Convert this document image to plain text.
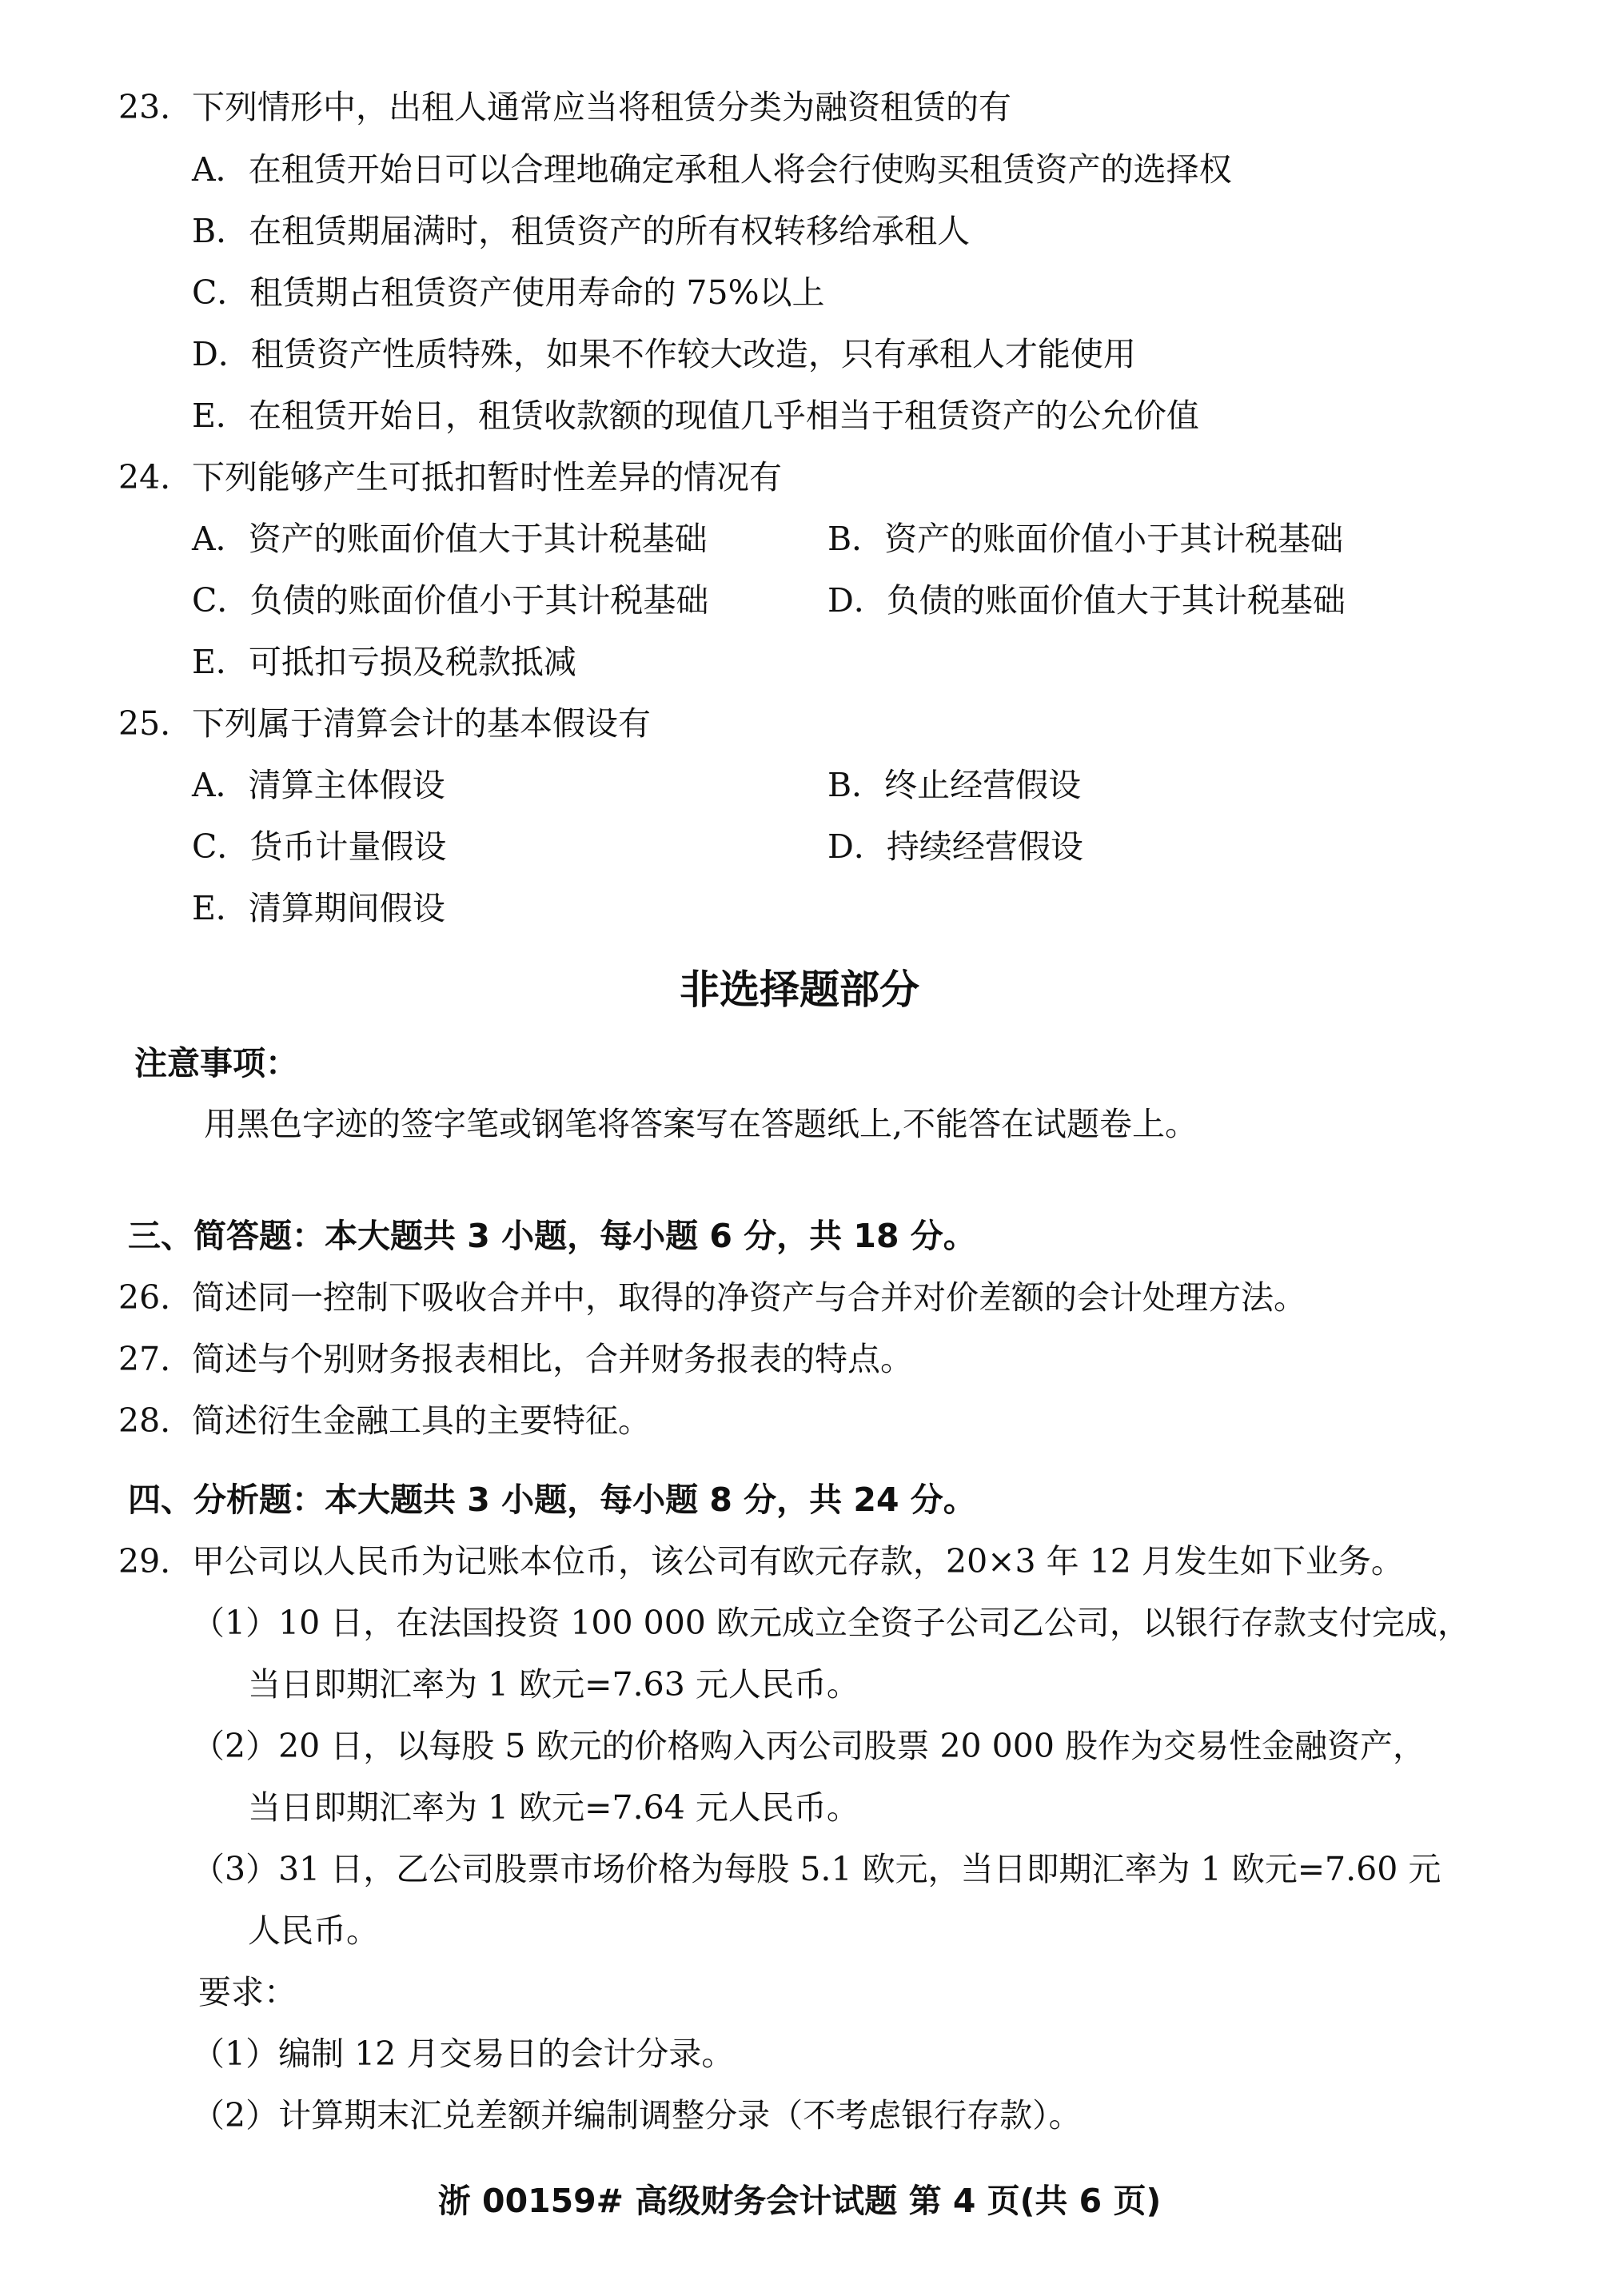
23. 下列情形中，出租人通常应当将租赁分类为融资租赁的有
A．在租赁开始日可以合理地确定承租人将会行使购买租赁资产的选择权
B．在租赁期届满时，租赁资产的所有权转移给承租人
C．租赁期占租赁资产使用寿命的 75%以上
D．租赁资产性质特殊，如果不作较大改造，只有承租人才能使用
E．在租赁开始日，租赁收款额的现值几乎相当于租赁资产的公允价值
24. 下列能够产生可抵扣暂时性差异的情况有
A．资产的账面价值大于其计税基础	B．资产的账面价值小于其计税基础
C．负债的账面价值小于其计税基础	D．负债的账面价值大于其计税基础
E．可抵扣亏损及税款抵减
25. 下列属于清算会计的基本假设有
A．清算主体假设	B．终止经营假设
C．货币计量假设	D．持续经营假设
E．清算期间假设
非选择题部分
注意事项：
用黑色字迹的签字笔或钢笔将答案写在答题纸上,不能答在试题卷上。
三、简答题：本大题共 3 小题，每小题 6 分，共 18 分。
26. 简述同一控制下吸收合并中，取得的净资产与合并对价差额的会计处理方法。
27. 简述与个别财务报表相比，合并财务报表的特点。
28. 简述衍生金融工具的主要特征。
四、分析题：本大题共 3 小题，每小题 8 分，共 24 分。
29. 甲公司以人民币为记账本位币，该公司有欧元存款，20×3 年 12 月发生如下业务。
（1）10 日，在法国投资 100 000 欧元成立全资子公司乙公司，以银行存款支付完成，
当日即期汇率为 1 欧元=7.63 元人民币。
（2）20 日，以每股 5 欧元的价格购入丙公司股票 20 000 股作为交易性金融资产，
当日即期汇率为 1 欧元=7.64 元人民币。
（3）31 日，乙公司股票市场价格为每股 5.1 欧元，当日即期汇率为 1 欧元=7.60 元
人民币。
要求：
（1）编制 12 月交易日的会计分录。
（2）计算期末汇兑差额并编制调整分录（不考虑银行存款）。
浙 00159# 高级财务会计试题 第 4 页(共 6 页)
